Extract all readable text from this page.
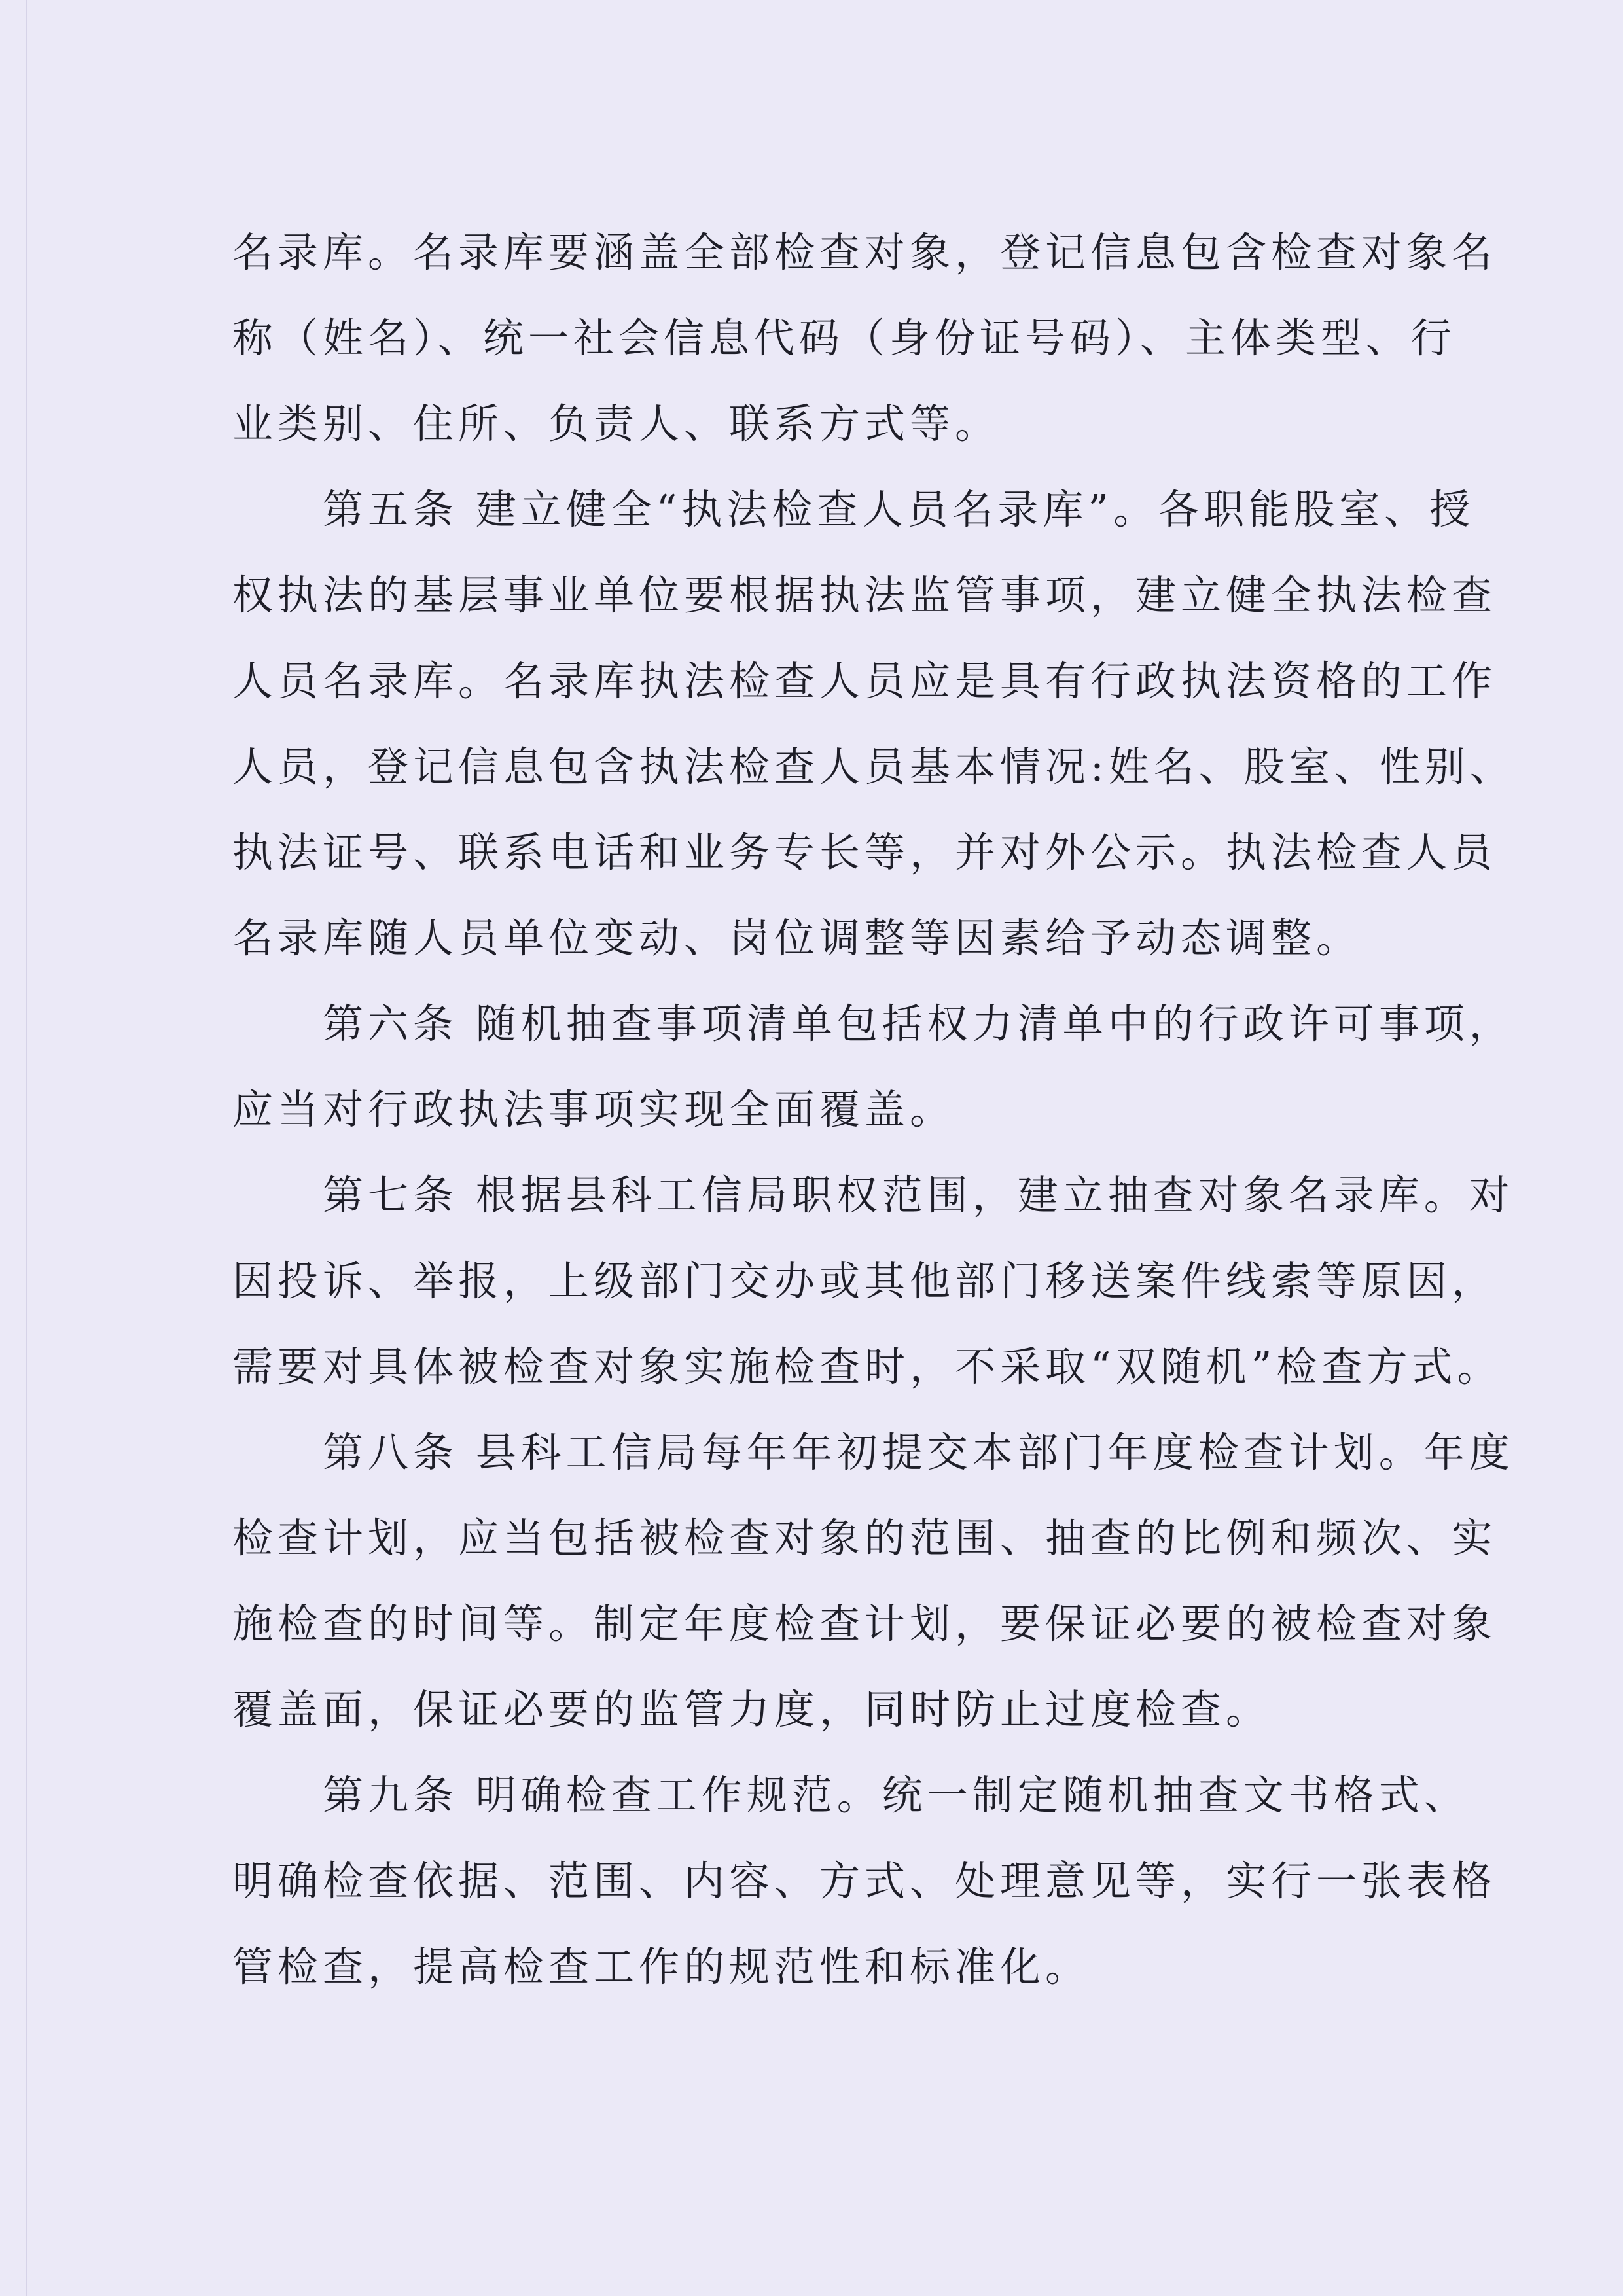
名录库。名录库要涵盖全部检查对象，登记信息包含检查对象名
称（姓名）、统一社会信息代码（身份证号码）、主体类型、行
业类别、住所、负责人、联系方式等。

　　第五条 建立健全“执法检查人员名录库”。各职能股室、授
权执法的基层事业单位要根据执法监管事项，建立健全执法检查
人员名录库。名录库执法检查人员应是具有行政执法资格的工作
人员，登记信息包含执法检查人员基本情况:姓名、股室、性别、
执法证号、联系电话和业务专长等，并对外公示。执法检查人员
名录库随人员单位变动、岗位调整等因素给予动态调整。

　　第六条 随机抽查事项清单包括权力清单中的行政许可事项，
应当对行政执法事项实现全面覆盖。

　　第七条 根据县科工信局职权范围，建立抽查对象名录库。对
因投诉、举报，上级部门交办或其他部门移送案件线索等原因，
需要对具体被检查对象实施检查时，不采取“双随机”检查方式。

　　第八条 县科工信局每年年初提交本部门年度检查计划。年度
检查计划，应当包括被检查对象的范围、抽查的比例和频次、实
施检查的时间等。制定年度检查计划，要保证必要的被检查对象
覆盖面，保证必要的监管力度，同时防止过度检查。

　　第九条 明确检查工作规范。统一制定随机抽查文书格式、
明确检查依据、范围、内容、方式、处理意见等，实行一张表格
管检查，提高检查工作的规范性和标准化。
